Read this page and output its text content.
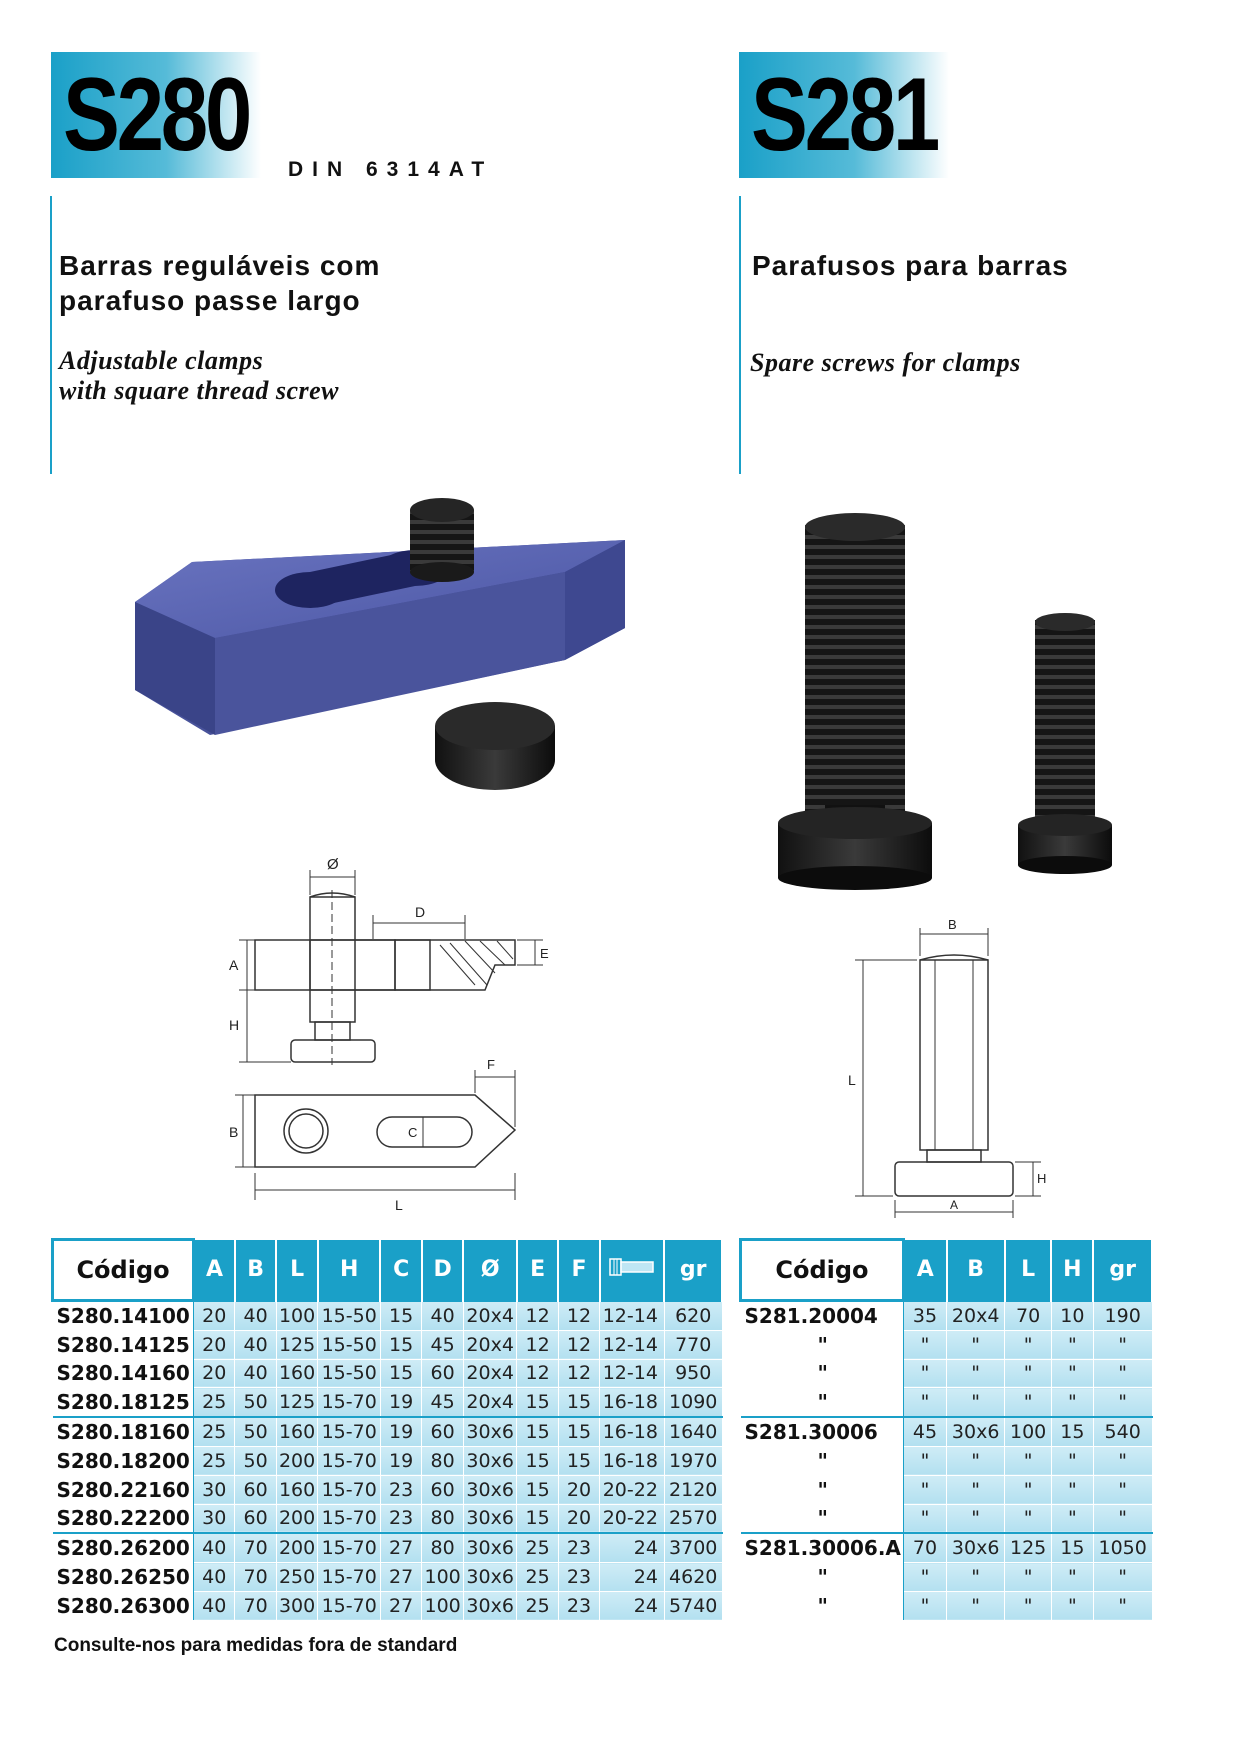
S280 DIN 6314AT S281
Barras reguláveis com
parafuso passe largo
Adjustable clamps
with square thread screw
Parafusos para barras
Spare screws for clamps
Ø
D
A
H
E
F
C
B
L
B
L
H
A
Código	A	B	L	H	C	D	Ø	E	F		gr
S280.14100	20	40	100	15-50	15	40	20x4	12	12	12-14	620
S280.14125	20	40	125	15-50	15	45	20x4	12	12	12-14	770
S280.14160	20	40	160	15-50	15	60	20x4	12	12	12-14	950
S280.18125	25	50	125	15-70	19	45	20x4	15	15	16-18	1090
S280.18160	25	50	160	15-70	19	60	30x6	15	15	16-18	1640
S280.18200	25	50	200	15-70	19	80	30x6	15	15	16-18	1970
S280.22160	30	60	160	15-70	23	60	30x6	15	20	20-22	2120
S280.22200	30	60	200	15-70	23	80	30x6	15	20	20-22	2570
S280.26200	40	70	200	15-70	27	80	30x6	25	23	24	3700
S280.26250	40	70	250	15-70	27	100	30x6	25	23	24	4620
S280.26300	40	70	300	15-70	27	100	30x6	25	23	24	5740
Código	A	B	L	H	gr
S281.20004	35	20x4	70	10	190
"	"	"	"	"	"
"	"	"	"	"	"
"	"	"	"	"	"
S281.30006	45	30x6	100	15	540
"	"	"	"	"	"
"	"	"	"	"	"
"	"	"	"	"	"
S281.30006.A	70	30x6	125	15	1050
"	"	"	"	"	"
"	"	"	"	"	"
Consulte-nos para medidas fora de standard
